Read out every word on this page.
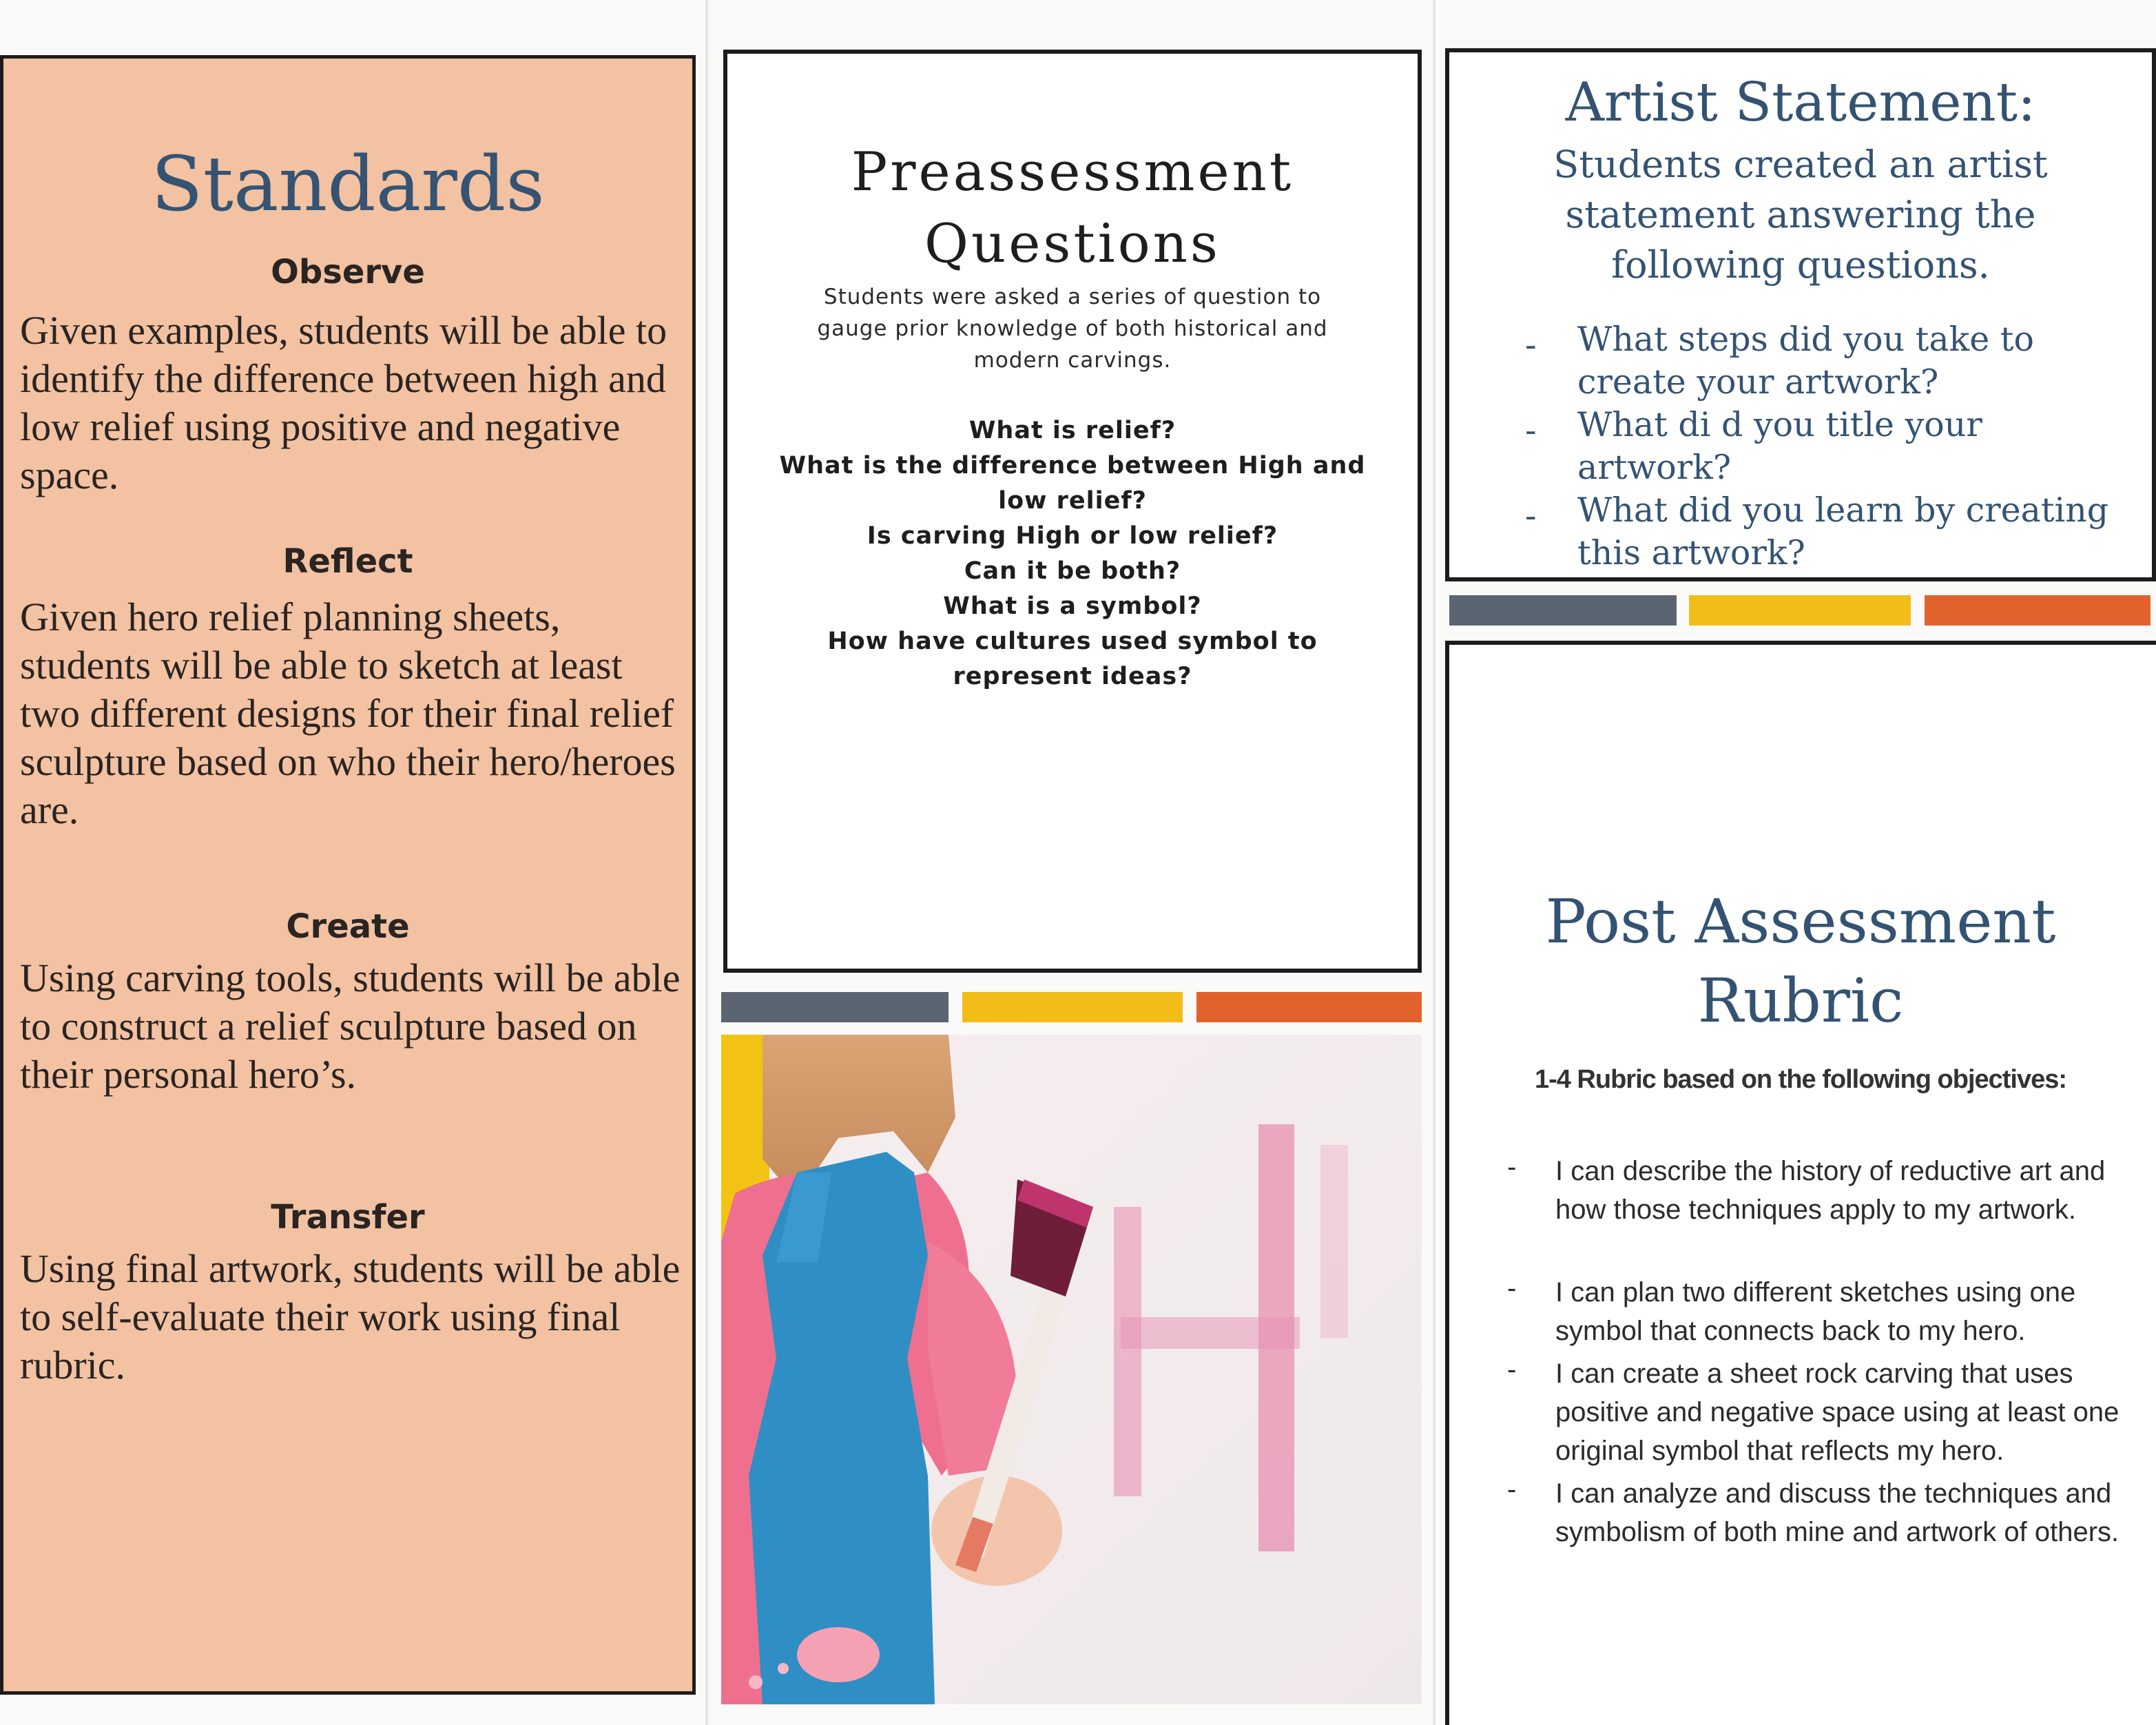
Standards
Observe
Given examples, students will be able to identify the difference between high and low relief using positive and negative space.
Reflect
Given hero relief planning sheets, students will be able to sketch at least two different designs for their final relief sculpture based on who their hero/heroes are.
Create
Using carving tools, students will be able to construct a relief sculpture based on their personal hero’s.
Transfer
Using final artwork, students will be able to self-evaluate their work using final rubric.
Preassessment
Questions
Students were asked a series of question to gauge prior knowledge of both historical and modern carvings.
What is relief?
What is the difference between High and low relief?
Is carving High or low relief?
Can it be both?
What is a symbol?
How have cultures used symbol to represent ideas?
Artist Statement:
Students created an artist statement answering the following questions.
-	What steps did you take to create your artwork?
-	What di d you title your artwork?
-	What did you learn by creating this artwork?
Post Assessment
Rubric
1-4 Rubric based on the following objectives:
-	I can describe the history of reductive art and how those techniques apply to my artwork.
-	I can plan two different sketches using one symbol that connects back to my hero.
-	I can create a sheet rock carving that uses positive and negative space using at least one original symbol that reflects my hero.
-	I can analyze and discuss the techniques and symbolism of both mine and artwork of others.
